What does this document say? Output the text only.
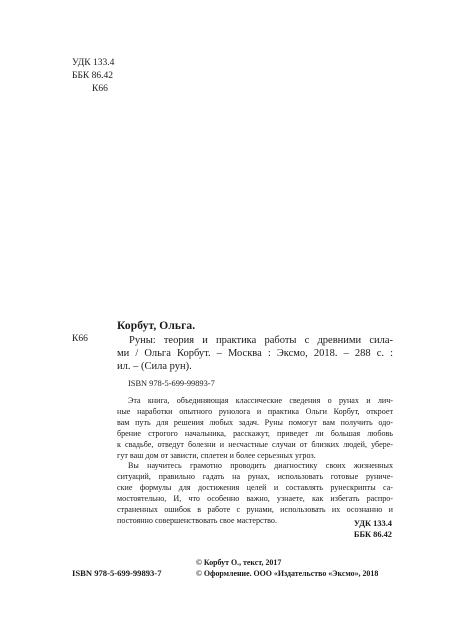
УДК 133.4
ББК 86.42
К66
Корбут, Ольга.
К66	Руны: теория и практика работы с древними сила-
ми / Ольга Корбут. – Москва : Эксмо, 2018. – 288 с. :
ил. – (Сила рун).
ISBN 978-5-699-99893-7
Эта книга, объединяющая классические сведения о рунах и лич-
ные наработки опытного рунолога и практика Ольги Корбут, откроет
вам путь для решения любых задач. Руны помогут вам получить одо-
брение строгого начальника, расскажут, приведет ли большая любовь
к свадьбе, отведут болезни и несчастные случаи от близких людей, убере-
гут ваш дом от зависти, сплетен и более серьезных угроз.
Вы научитесь грамотно проводить диагностику своих жизненных
ситуаций, правильно гадать на рунах, использовать готовые руниче-
ские формулы для достижения целей и составлять рунескрипты са-
мостоятельно, И, что особенно важно, узнаете, как избегать распро-
страненных ошибок в работе с рунами, использовать их осознанно и
постоянно совершенствовать свое мастерство.	УДК 133.4
ББК 86.42
ISBN 978-5-699-99893-7
© Корбут О., текст, 2017
© Оформление. ООО «Издательство «Эксмо», 2018
